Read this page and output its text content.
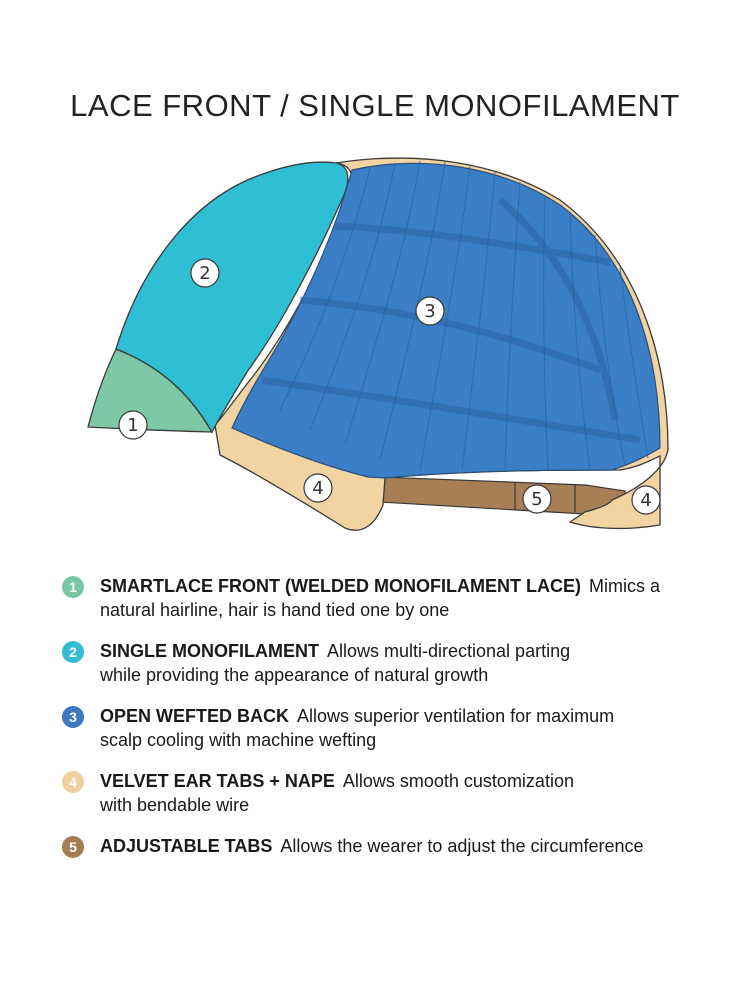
LACE FRONT / SINGLE MONOFILAMENT
1
2
3
4
5	4
1	SMARTLACE FRONT (WELDED MONOFILAMENT LACE) Mimics a
natural hairline, hair is hand tied one by one
2	SINGLE MONOFILAMENT Allows multi-directional parting
while providing the appearance of natural growth
3	OPEN WEFTED BACK Allows superior ventilation for maximum
scalp cooling with machine wefting
4	VELVET EAR TABS + NAPE Allows smooth customization
with bendable wire
5	ADJUSTABLE TABS Allows the wearer to adjust the circumference
